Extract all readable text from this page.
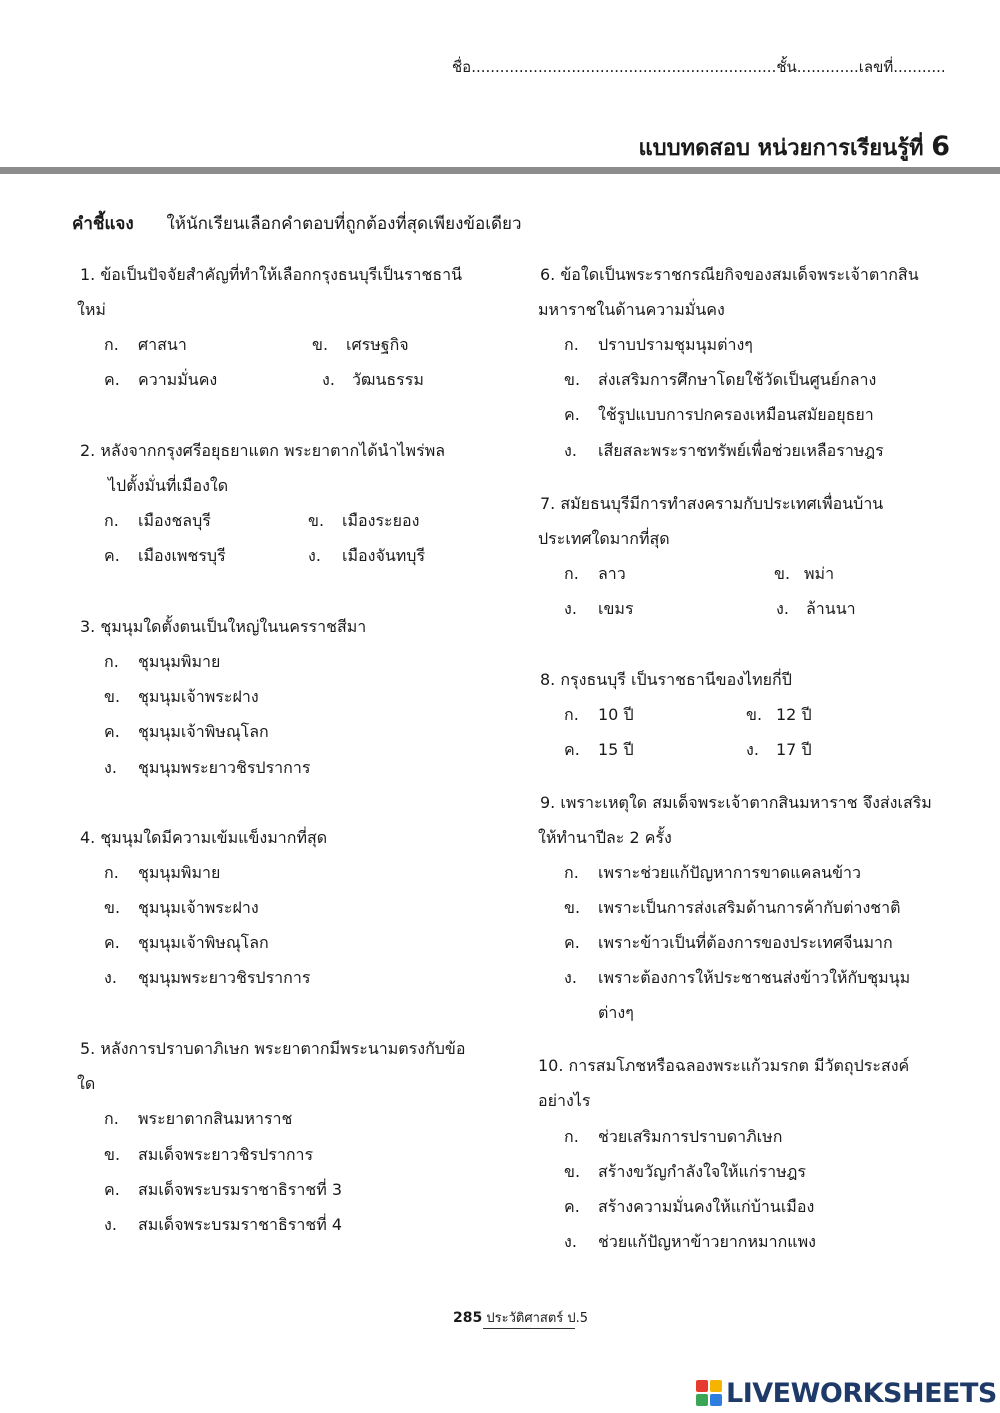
ชื่อ................................................................ชั้น.............เลขที่...........
แบบทดสอบ หน่วยการเรียนรู้ที่ 6
คำชี้แจง ให้นักเรียนเลือกคำตอบที่ถูกต้องที่สุดเพียงข้อเดียว
1. ข้อเป็นปัจจัยสำคัญที่ทำให้เลือกกรุงธนบุรีเป็นราชธานี
ใหม่
ก. ศาสนา	ข. เศรษฐกิจ
ค. ความมั่นคง	ง. วัฒนธรรม
2. หลังจากกรุงศรีอยุธยาแตก พระยาตากได้นำไพร่พล
ไปตั้งมั่นที่เมืองใด
ก. เมืองชลบุรี	ข. เมืองระยอง
ค. เมืองเพชรบุรี	ง. เมืองจันทบุรี
3. ชุมนุมใดตั้งตนเป็นใหญ่ในนครราชสีมา
ก. ชุมนุมพิมาย
ข. ชุมนุมเจ้าพระฝาง
ค. ชุมนุมเจ้าพิษณุโลก
ง. ชุมนุมพระยาวชิรปราการ
4. ชุมนุมใดมีความเข้มแข็งมากที่สุด
ก. ชุมนุมพิมาย
ข. ชุมนุมเจ้าพระฝาง
ค. ชุมนุมเจ้าพิษณุโลก
ง. ชุมนุมพระยาวชิรปราการ
5. หลังการปราบดาภิเษก พระยาตากมีพระนามตรงกับข้อ
ใด
ก. พระยาตากสินมหาราช
ข. สมเด็จพระยาวชิรปราการ
ค. สมเด็จพระบรมราชาธิราชที่ 3
ง. สมเด็จพระบรมราชาธิราชที่ 4
6. ข้อใดเป็นพระราชกรณียกิจของสมเด็จพระเจ้าตากสิน
มหาราชในด้านความมั่นคง
ก. ปราบปรามชุมนุมต่างๆ
ข. ส่งเสริมการศึกษาโดยใช้วัดเป็นศูนย์กลาง
ค. ใช้รูปแบบการปกครองเหมือนสมัยอยุธยา
ง. เสียสละพระราชทรัพย์เพื่อช่วยเหลือราษฎร
7. สมัยธนบุรีมีการทำสงครามกับประเทศเพื่อนบ้าน
ประเทศใดมากที่สุด
ก. ลาว	ข. พม่า
ง. เขมร	ง. ล้านนา
8. กรุงธนบุรี เป็นราชธานีของไทยกี่ปี
ก. 10 ปี	ข. 12 ปี
ค. 15 ปี	ง. 17 ปี
9. เพราะเหตุใด สมเด็จพระเจ้าตากสินมหาราช จึงส่งเสริม
ให้ทำนาปีละ 2 ครั้ง
ก. เพราะช่วยแก้ปัญหาการขาดแคลนข้าว
ข. เพราะเป็นการส่งเสริมด้านการค้ากับต่างชาติ
ค. เพราะข้าวเป็นที่ต้องการของประเทศจีนมาก
ง. เพราะต้องการให้ประชาชนส่งข้าวให้กับชุมนุม
ต่างๆ
10. การสมโภชหรือฉลองพระแก้วมรกต มีวัตถุประสงค์
อย่างไร
ก. ช่วยเสริมการปราบดาภิเษก
ข. สร้างขวัญกำลังใจให้แก่ราษฎร
ค. สร้างความมั่นคงให้แก่บ้านเมือง
ง. ช่วยแก้ปัญหาข้าวยากหมากแพง
285 ประวัติศาสตร์ ป.5
LIVEWORKSHEETS
